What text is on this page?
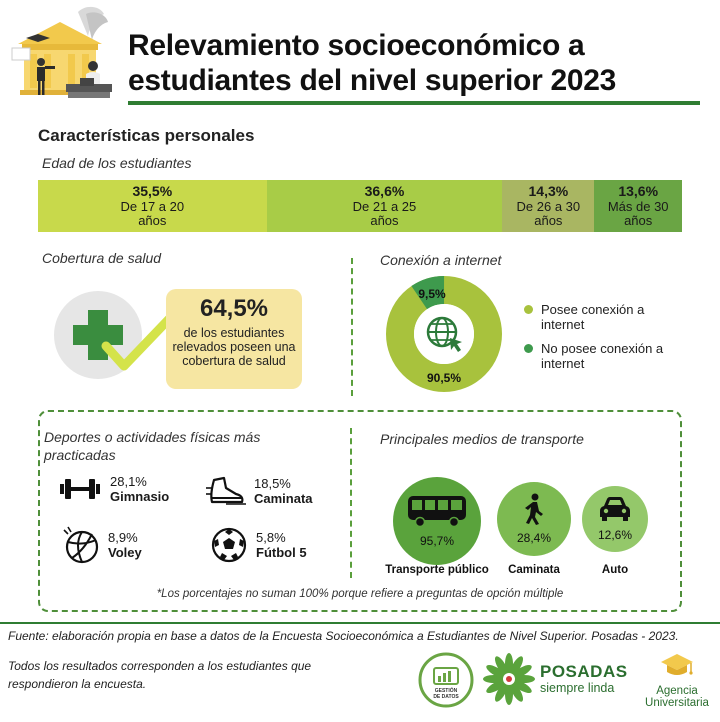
Relevamiento socioeconómico a
estudiantes del nivel superior 2023
Características personales
Edad de los estudiantes
35,5%
De 17 a 20 años
36,6%
De 21 a 25 años
14,3%
De 26 a 30 años
13,6%
Más de 30 años
Cobertura de salud
64,5%
de los estudiantes relevados poseen una cobertura de salud
Conexión a internet
9,5%
90,5%
Posee conexión a internet
No posee conexión a internet
Deportes o actividades físicas más practicadas
28,1%
Gimnasio
18,5%
Caminata
8,9%
Voley
5,8%
Fútbol 5
Principales medios de transporte
95,7%	28,4%	12,6%
Transporte público	Caminata	Auto
*Los porcentajes no suman 100% porque refiere a preguntas de opción múltiple
Fuente: elaboración propia en base a datos de la Encuesta Socioeconómica a Estudiantes de Nivel Superior. Posadas - 2023.
Todos los resultados corresponden a los estudiantes que respondieron la encuesta.	GESTIÓN
DE DATOS
POSADAS
siempre linda	Agencia
Universitaria
